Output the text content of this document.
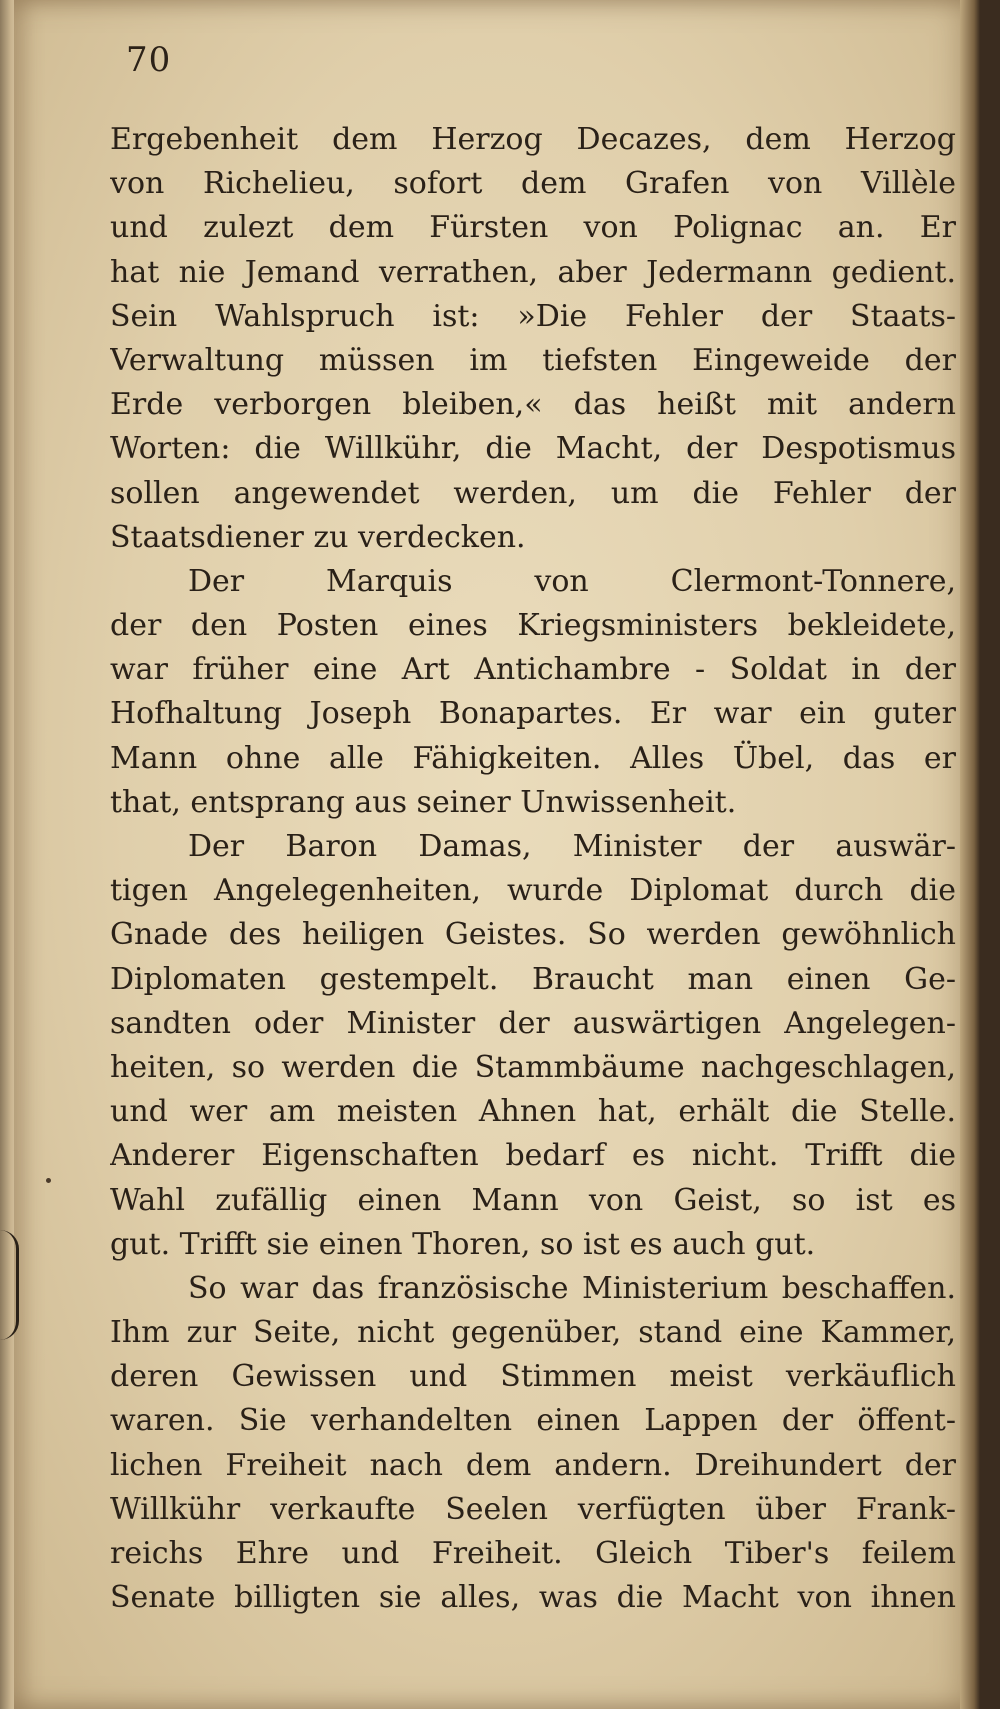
70
Ergebenheit dem Herzog Decazes, dem Herzog
von Richelieu, sofort dem Grafen von Villèle
und zulezt dem Fürsten von Polignac an. Er
hat nie Jemand verrathen, aber Jedermann gedient.
Sein Wahlspruch ist: »Die Fehler der Staats-
Verwaltung müssen im tiefsten Eingeweide der
Erde verborgen bleiben,« das heißt mit andern
Worten: die Willkühr, die Macht, der Despotismus
sollen angewendet werden, um die Fehler der
Staatsdiener zu verdecken.
Der Marquis von Clermont-Tonnere,
der den Posten eines Kriegsministers bekleidete,
war früher eine Art Antichambre - Soldat in der
Hofhaltung Joseph Bonapartes. Er war ein guter
Mann ohne alle Fähigkeiten. Alles Übel, das er
that, entsprang aus seiner Unwissenheit.
Der Baron Damas, Minister der auswär-
tigen Angelegenheiten, wurde Diplomat durch die
Gnade des heiligen Geistes. So werden gewöhnlich
Diplomaten gestempelt. Braucht man einen Ge-
sandten oder Minister der auswärtigen Angelegen-
heiten, so werden die Stammbäume nachgeschlagen,
und wer am meisten Ahnen hat, erhält die Stelle.
Anderer Eigenschaften bedarf es nicht. Trifft die
Wahl zufällig einen Mann von Geist, so ist es
gut. Trifft sie einen Thoren, so ist es auch gut.
So war das französische Ministerium beschaffen.
Ihm zur Seite, nicht gegenüber, stand eine Kammer,
deren Gewissen und Stimmen meist verkäuflich
waren. Sie verhandelten einen Lappen der öffent-
lichen Freiheit nach dem andern. Dreihundert der
Willkühr verkaufte Seelen verfügten über Frank-
reichs Ehre und Freiheit. Gleich Tiber's feilem
Senate billigten sie alles, was die Macht von ihnen
